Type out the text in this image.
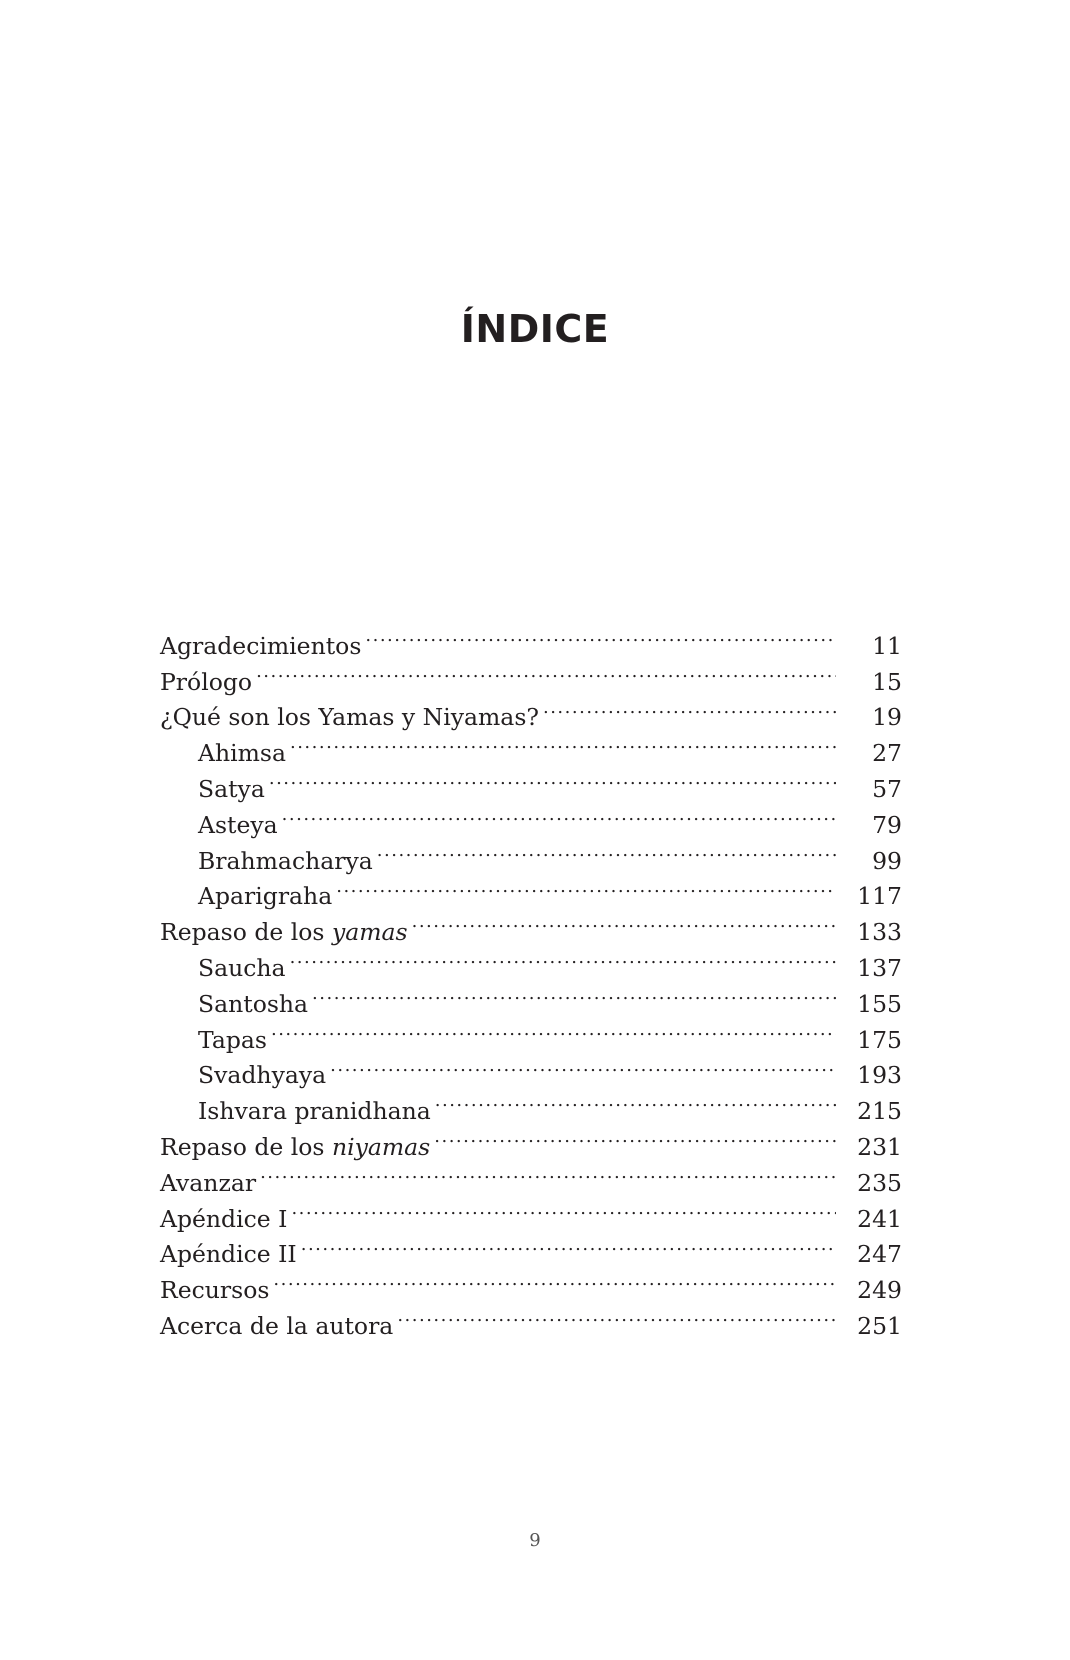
ÍNDICE
Agradecimientos .....	11
Prólogo .....	15
¿Qué son los Yamas y Niyamas? .....	19
Ahimsa .....	27
Satya .....	57
Asteya .....	79
Brahmacharya .....	99
Aparigraha .....	117
Repaso de los yamas .....	133
Saucha .....	137
Santosha .....	155
Tapas .....	175
Svadhyaya .....	193
Ishvara pranidhana .....	215
Repaso de los niyamas .....	231
Avanzar .....	235
Apéndice I .....	241
Apéndice II .....	247
Recursos .....	249
Acerca de la autora .....	251

9
